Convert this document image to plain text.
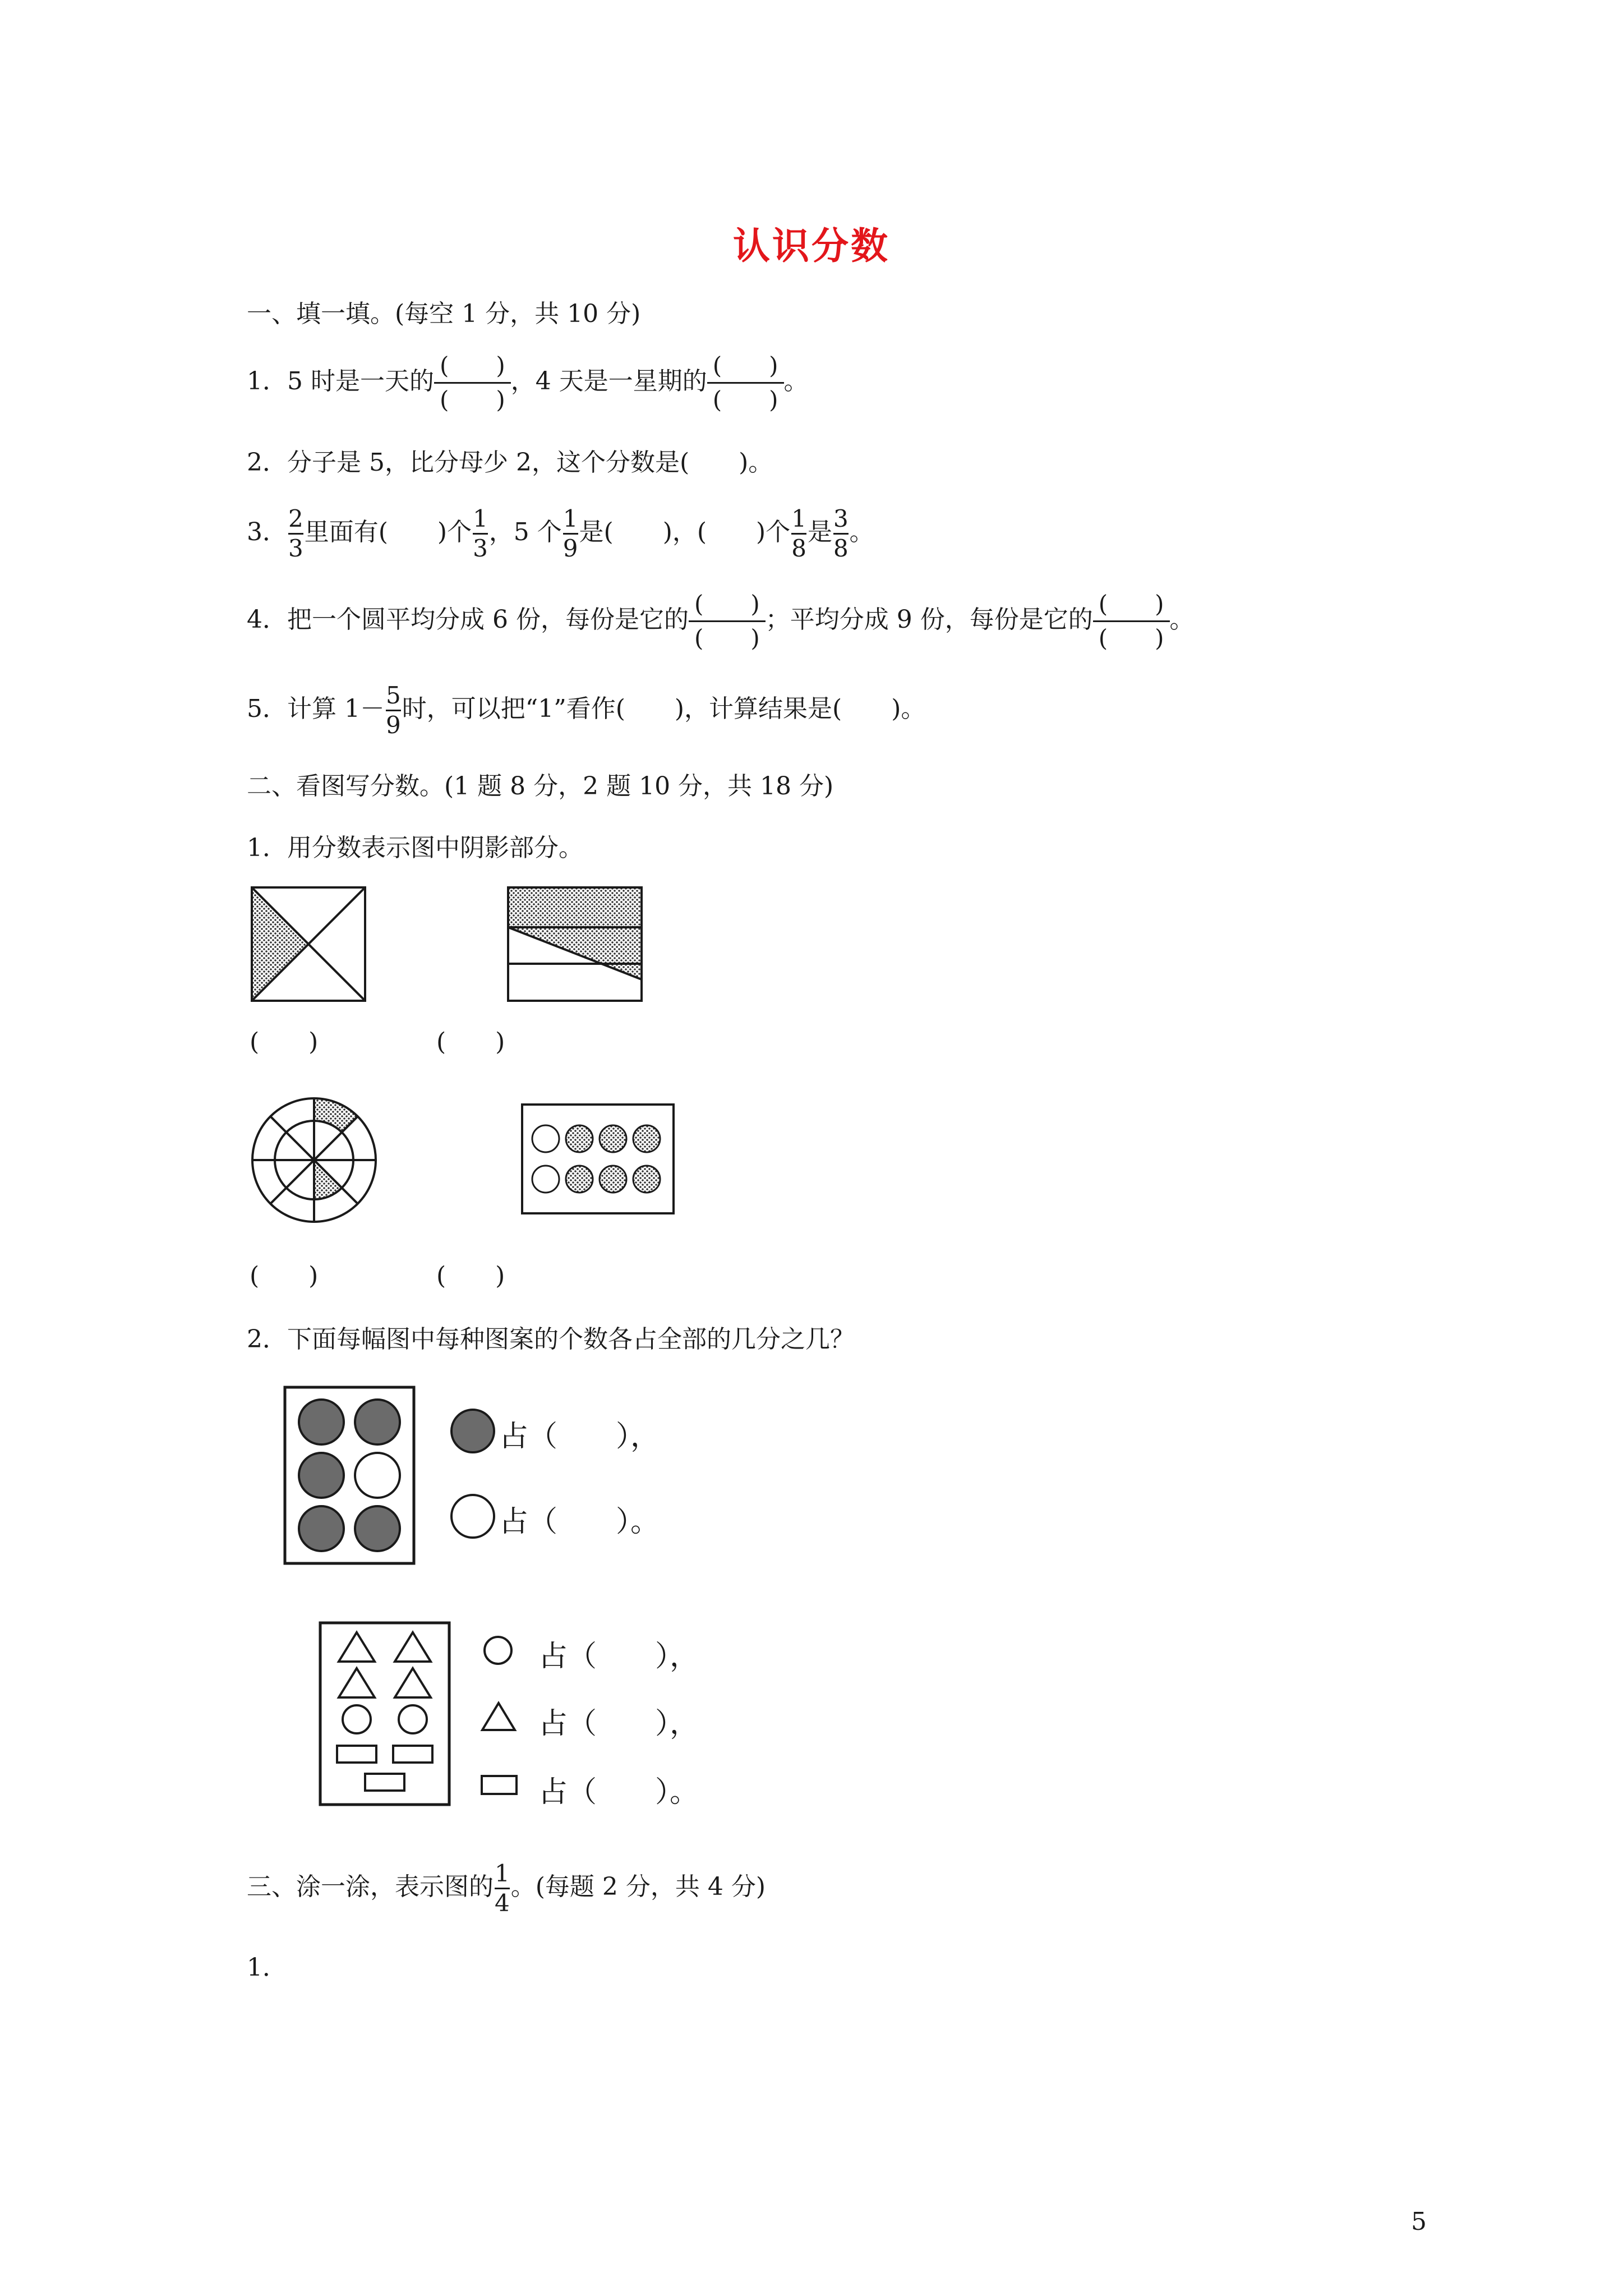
认识分数
一、填一填。(每空 1 分，共 10 分)
1．5 时是一天的 $\frac{( )}{( )}$ ，4 天是一星期的 $\frac{( )}{( )}$ 。
2．分子是 5，比分母少 2，这个分数是(　　)。
3． $\frac{2}{3}$ 里面有(　　)个 $\frac{1}{3}$ ，5 个 $\frac{1}{9}$ 是(　　)，(　　)个 $\frac{1}{8}$ 是 $\frac{3}{8}$ 。
4．把一个圆平均分成 6 份，每份是它的 $\frac{( )}{( )}$ ；平均分成 9 份，每份是它的 $\frac{( )}{( )}$ 。
5．计算 $1- \frac{5}{9}$ 时，可以把“1”看作(　　)，计算结果是(　　)。
二、看图写分数。(1 题 8 分，2 题 10 分，共 18 分)
1．用分数表示图中阴影部分。
(　　)	(　　)
(　　)	(　　)
2．下面每幅图中每种图案的个数各占全部的几分之几？
占（　　），
占（　　）。
占（　　），
占（　　），
占（　　）。
三、涂一涂，表示图的 $\frac{1}{4}$ 。(每题 2 分，共 4 分)
1．
5
